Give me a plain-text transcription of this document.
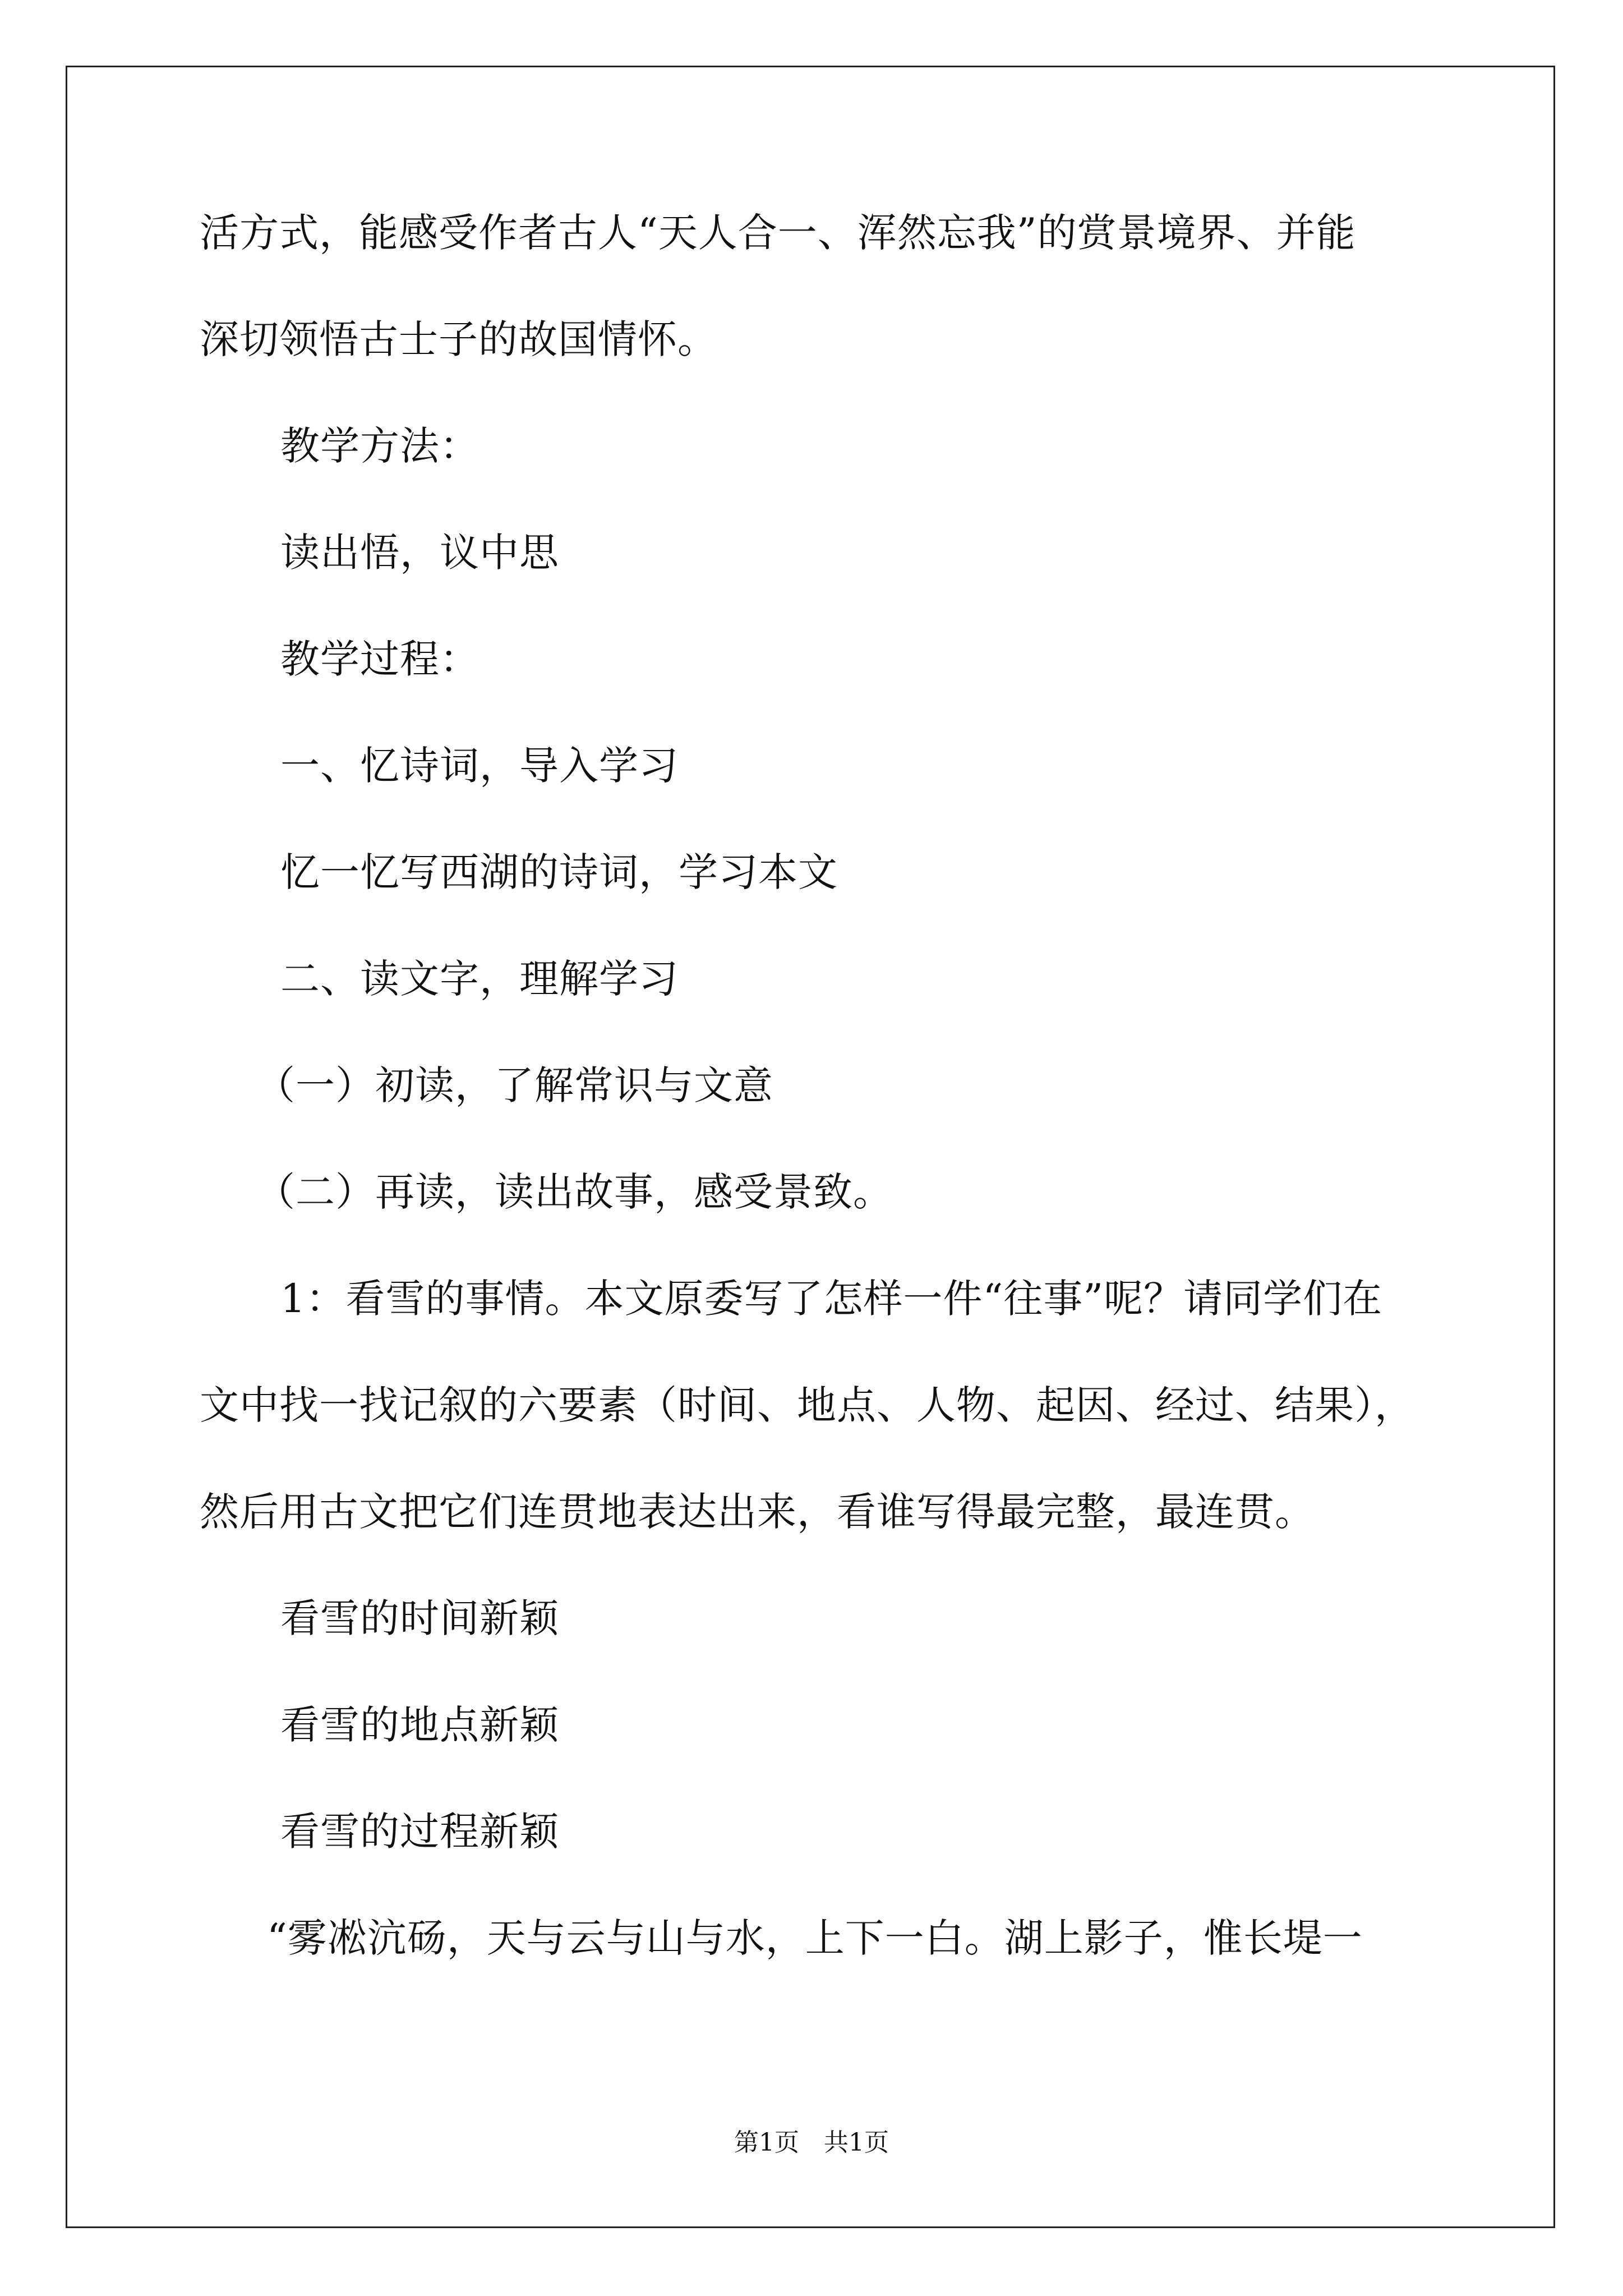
活方式，能感受作者古人“天人合一、浑然忘我”的赏景境界、并能
深切领悟古士子的故国情怀。
教学方法：
读出悟，议中思
教学过程：
一、忆诗词，导入学习
忆一忆写西湖的诗词，学习本文
二、读文字，理解学习
（一）初读，了解常识与文意
（二）再读，读出故事，感受景致。
1：看雪的事情。本文原委写了怎样一件“往事”呢？请同学们在
文中找一找记叙的六要素（时间、地点、人物、起因、经过、结果），
然后用古文把它们连贯地表达出来，看谁写得最完整，最连贯。
看雪的时间新颖
看雪的地点新颖
看雪的过程新颖
“雾凇沆砀，天与云与山与水，上下一白。湖上影子，惟长堤一
第1页　共1页
